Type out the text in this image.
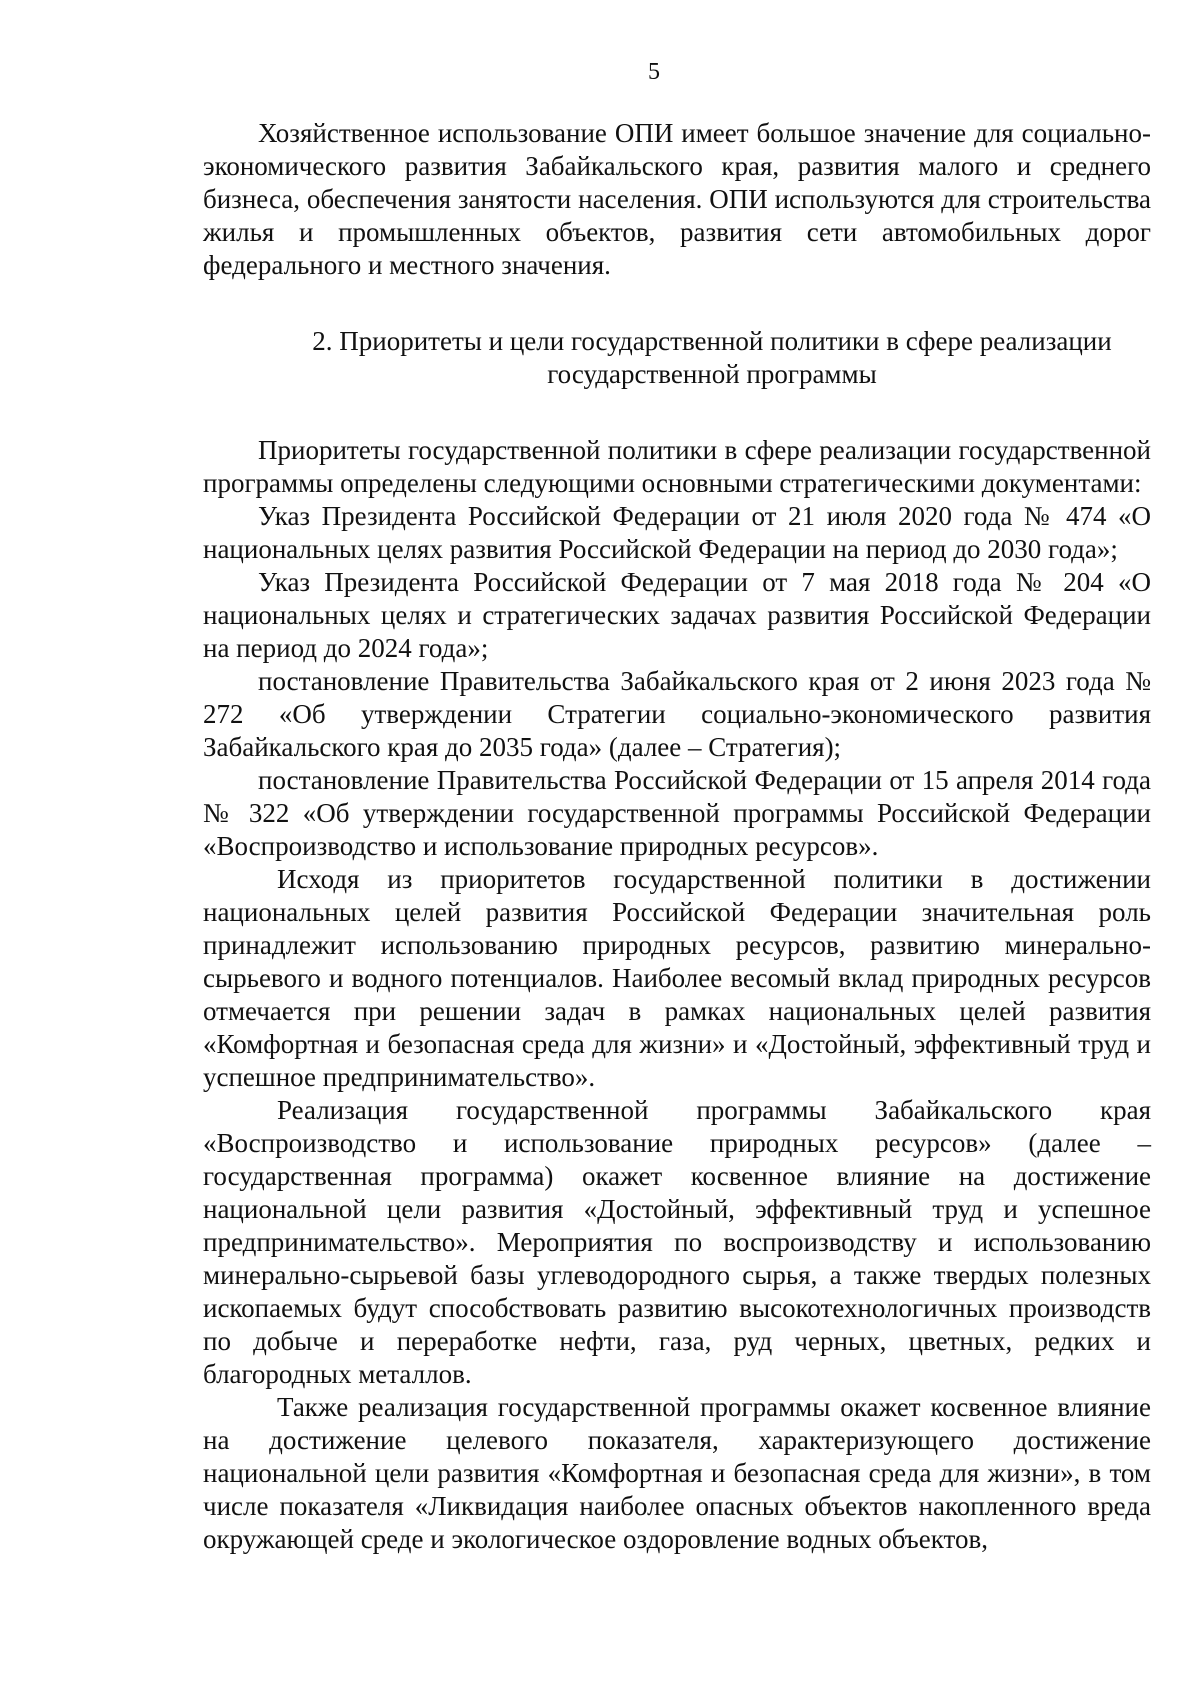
5

Хозяйственное использование ОПИ имеет большое значение для социально-экономического развития Забайкальского края, развития малого и среднего бизнеса, обеспечения занятости населения. ОПИ используются для строительства жилья и промышленных объектов, развития сети автомобильных дорог федерального и местного значения.

2. Приоритеты и цели государственной политики в сфере реализации
государственной программы

Приоритеты государственной политики в сфере реализации государственной программы определены следующими основными стратегическими документами:

Указ Президента Российской Федерации от 21 июля 2020 года № 474 «О национальных целях развития Российской Федерации на период до 2030 года»;

Указ Президента Российской Федерации от 7 мая 2018 года № 204 «О национальных целях и стратегических задачах развития Российской Федерации на период до 2024 года»;

постановление Правительства Забайкальского края от 2 июня 2023 года № 272 «Об утверждении Стратегии социально-экономического развития Забайкальского края до 2035 года» (далее – Стратегия);

постановление Правительства Российской Федерации от 15 апреля 2014 года № 322 «Об утверждении государственной программы Российской Федерации «Воспроизводство и использование природных ресурсов».

Исходя из приоритетов государственной политики в достижении национальных целей развития Российской Федерации значительная роль принадлежит использованию природных ресурсов, развитию минерально-сырьевого и водного потенциалов. Наиболее весомый вклад природных ресурсов отмечается при решении задач в рамках национальных целей развития «Комфортная и безопасная среда для жизни» и «Достойный, эффективный труд и успешное предпринимательство».

Реализация государственной программы Забайкальского края «Воспроизводство и использование природных ресурсов» (далее – государственная программа) окажет косвенное влияние на достижение национальной цели развития «Достойный, эффективный труд и успешное предпринимательство». Мероприятия по воспроизводству и использованию минерально-сырьевой базы углеводородного сырья, а также твердых полезных ископаемых будут способствовать развитию высокотехнологичных производств по добыче и переработке нефти, газа, руд черных, цветных, редких и благородных металлов.

Также реализация государственной программы окажет косвенное влияние на достижение целевого показателя, характеризующего достижение национальной цели развития «Комфортная и безопасная среда для жизни», в том числе показателя «Ликвидация наиболее опасных объектов накопленного вреда окружающей среде и экологическое оздоровление водных объектов,
